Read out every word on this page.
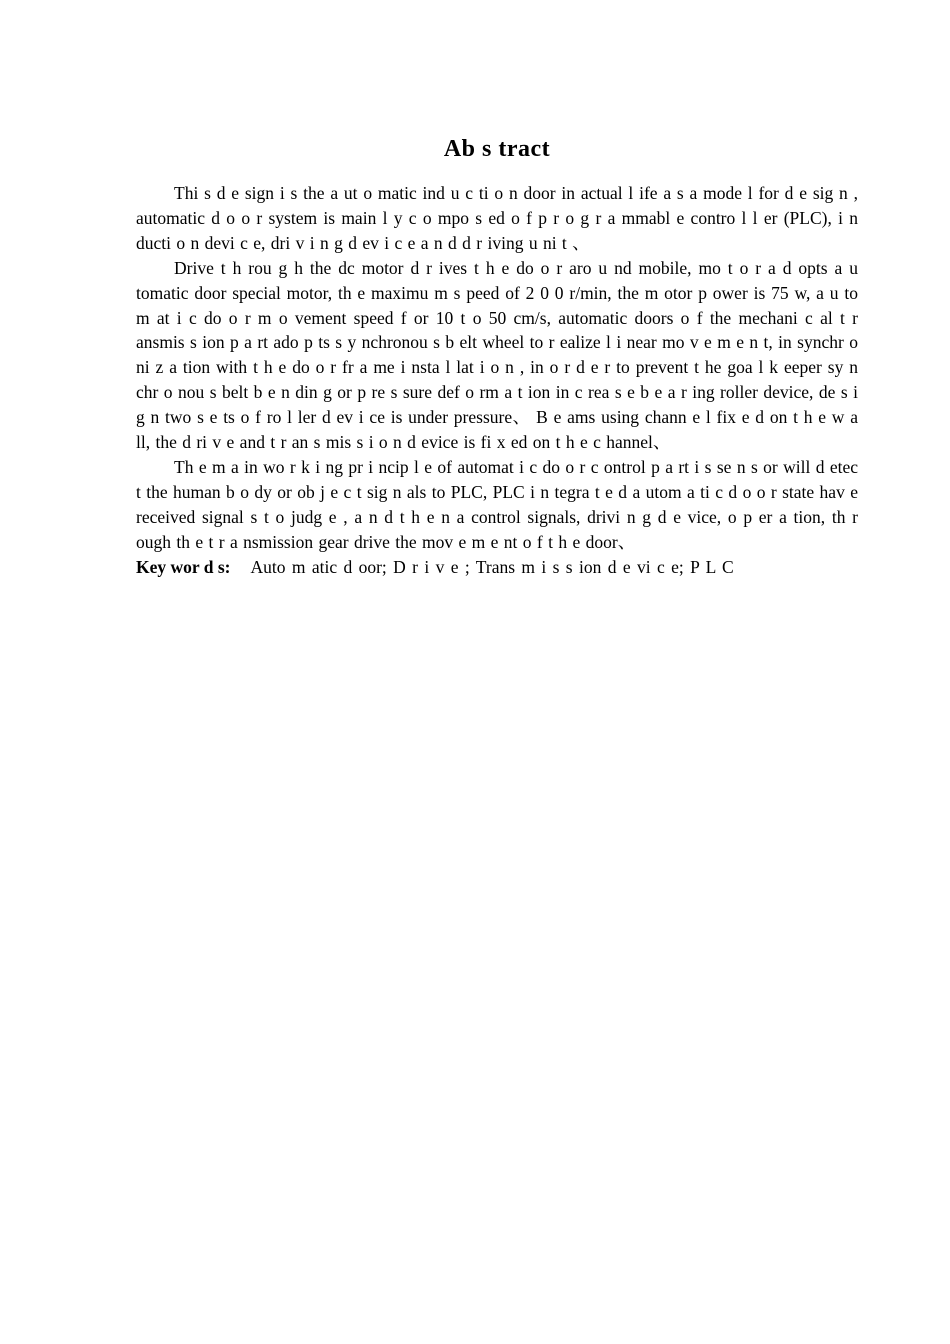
Ab s tract

Thi s d e sign i s the a ut o matic ind u c ti o n door in actual l ife a s a mode l for d e sig n , automatic d o o r system is main l y c o mpo s ed o f p r o g r a mmabl e contro l l er (PLC), i n ducti o n devi c e, dri v i n g d ev i c e a n d d r iving u ni t 、

Drive t h rou g h the dc motor d r ives t h e do o r aro u nd mobile, mo t o r a d opts a u tomatic door special motor, th e maximu m s peed of 2 0 0 r/min, the m otor p ower is 75 w, a u to m at i c do o r m o vement speed f or 10 t o 50 cm/s, automatic doors o f the mechani c al t r ansmis s ion p a rt ado p ts s y nchronou s b elt wheel to r ealize l i near mo v e m e n t, in synchr o ni z a tion with t h e do o r fr a me i nsta l lat i o n , in o r d e r to prevent t he goa l k eeper sy n chr o nou s belt b e n din g or p re s sure def o rm a t ion in c rea s e b e a r ing roller device, de s i g n two s e ts o f ro l ler d ev i ce is under pressure、 B e ams using chann e l fix e d on t h e w a ll, the d ri v e and t r an s mis s i o n d evice is fi x ed on t h e c hannel、

Th e m a in wo r k i ng pr i ncip l e of automat i c do o r c ontrol p a rt i s se n s or will d etec t the human b o dy or ob j e c t sig n als to PLC, PLC i n tegra t e d a utom a ti c d o o r state hav e received signal s t o judg e , a n d t h e n a control signals, drivi n g d e vice, o p er a tion, th r ough th e t r a nsmission gear drive the mov e m e nt o f t h e door、

Key wor d s: Auto m atic d oor; D r i v e ; Trans m i s s ion d e vi c e; P L C
